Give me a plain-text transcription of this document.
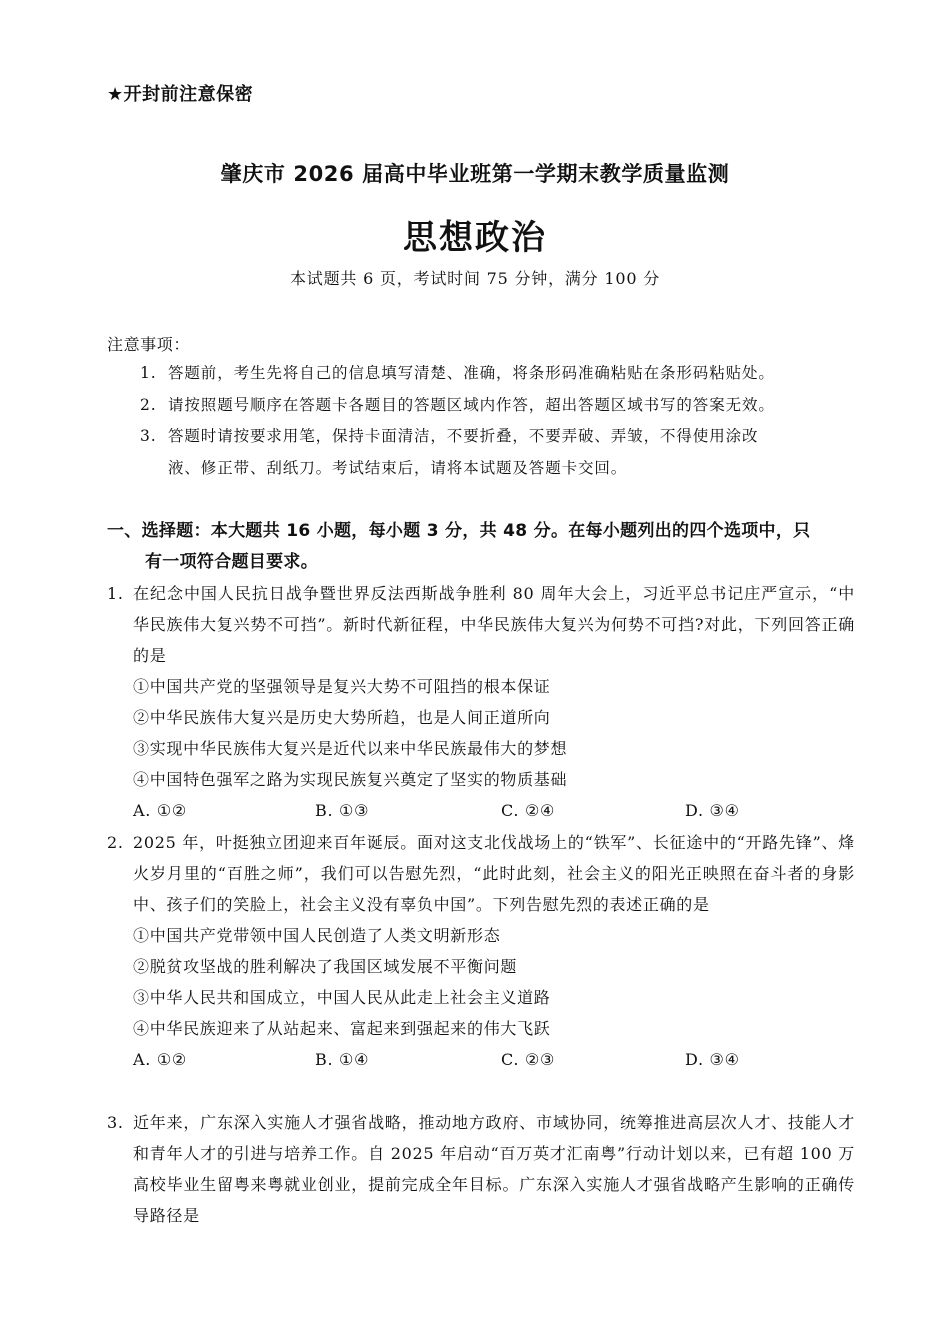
★开封前注意保密
肇庆市 2026 届高中毕业班第一学期末教学质量监测
思想政治
本试题共 6 页，考试时间 75 分钟，满分 100 分
注意事项：
1. 答题前，考生先将自己的信息填写清楚、准确，将条形码准确粘贴在条形码粘贴处。
2. 请按照题号顺序在答题卡各题目的答题区域内作答，超出答题区域书写的答案无效。
3. 答题时请按要求用笔，保持卡面清洁，不要折叠，不要弄破、弄皱，不得使用涂改
液、修正带、刮纸刀。考试结束后，请将本试题及答题卡交回。
一、选择题：本大题共 16 小题，每小题 3 分，共 48 分。在每小题列出的四个选项中，只
有一项符合题目要求。
1. 在纪念中国人民抗日战争暨世界反法西斯战争胜利 80 周年大会上，习近平总书记庄严宣示，“中华民族伟大复兴势不可挡”。新时代新征程，中华民族伟大复兴为何势不可挡?对此，下列回答正确的是
①中国共产党的坚强领导是复兴大势不可阻挡的根本保证
②中华民族伟大复兴是历史大势所趋，也是人间正道所向
③实现中华民族伟大复兴是近代以来中华民族最伟大的梦想
④中国特色强军之路为实现民族复兴奠定了坚实的物质基础
A. ①②	B. ①③	C. ②④	D. ③④
2. 2025 年，叶挺独立团迎来百年诞辰。面对这支北伐战场上的“铁军”、长征途中的“开路先锋”、烽火岁月里的“百胜之师”，我们可以告慰先烈，“此时此刻，社会主义的阳光正映照在奋斗者的身影中、孩子们的笑脸上，社会主义没有辜负中国”。下列告慰先烈的表述正确的是
①中国共产党带领中国人民创造了人类文明新形态
②脱贫攻坚战的胜利解决了我国区域发展不平衡问题
③中华人民共和国成立，中国人民从此走上社会主义道路
④中华民族迎来了从站起来、富起来到强起来的伟大飞跃
A. ①②	B. ①④	C. ②③	D. ③④
3. 近年来，广东深入实施人才强省战略，推动地方政府、市域协同，统筹推进高层次人才、技能人才和青年人才的引进与培养工作。自 2025 年启动“百万英才汇南粤”行动计划以来，已有超 100 万高校毕业生留粤来粤就业创业，提前完成全年目标。广东深入实施人才强省战略产生影响的正确传导路径是
